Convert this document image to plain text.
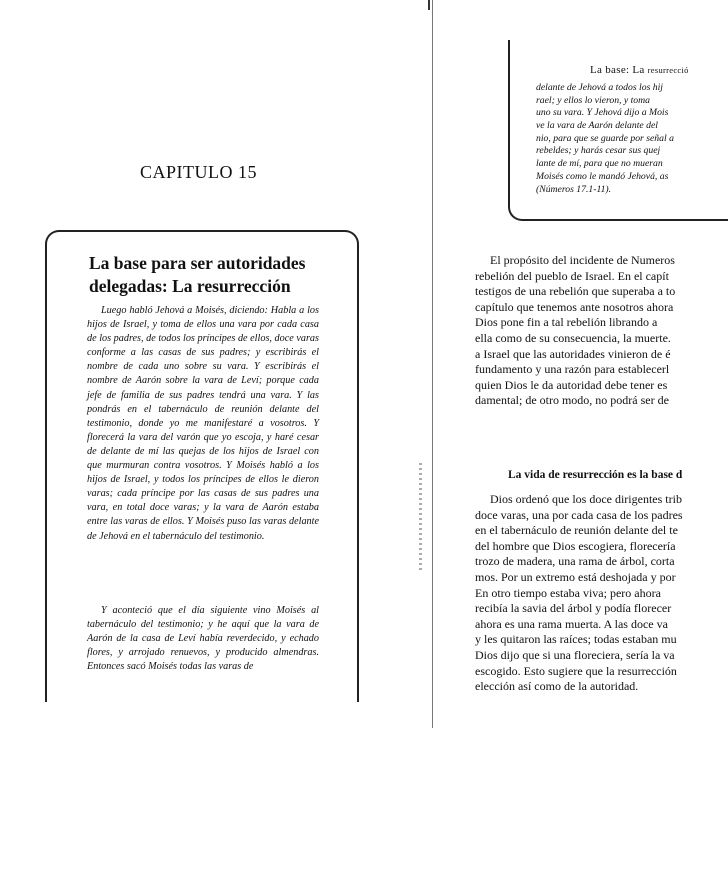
CAPITULO 15
La base para ser autoridades delegadas: La resurrección
Luego habló Jehová a Moisés, diciendo: Habla a los hijos de Israel, y toma de ellos una vara por cada casa de los padres, de todos los príncipes de ellos, doce varas conforme a las casas de sus padres; y escribirás el nombre de cada uno sobre su vara. Y escribirás el nombre de Aarón sobre la vara de Leví; porque cada jefe de familia de sus padres tendrá una vara. Y las pondrás en el tabernáculo de reunión delante del testimonio, donde yo me manifestaré a vosotros. Y florecerá la vara del varón que yo escoja, y haré cesar de delante de mí las quejas de los hijos de Israel con que murmuran contra vosotros. Y Moisés habló a los hijos de Israel, y todos los príncipes de ellos le dieron varas; cada príncipe por las casas de sus padres una vara, en total doce varas; y la vara de Aarón estaba entre las varas de ellos. Y Moisés puso las varas delante de Jehová en el tabernáculo del testimonio.
Y aconteció que el día siguiente vino Moisés al tabernáculo del testimonio; y he aquí que la vara de Aarón de la casa de Leví había reverdecido, y echado flores, y arrojado renuevos, y producido almendras. Entonces sacó Moisés todas las varas de
La base: La resurrecció
delante de Jehová a todos los hij
rael; y ellos lo vieron, y toma
uno su vara. Y Jehová dijo a Mois
ve la vara de Aarón delante del
nio, para que se guarde por señal a
rebeldes; y harás cesar sus quej
lante de mí, para que no mueran
Moisés como le mandó Jehová, as
(Números 17.1-11).
El propósito del incidente de Numeros
rebelión del pueblo de Israel. En el capít
testigos de una rebelión que superaba a to
capítulo que tenemos ante nosotros ahora
Dios pone fin a tal rebelión librando a
ella como de su consecuencia, la muerte.
a Israel que las autoridades vinieron de é
fundamento y una razón para establecerl
quien Dios le da autoridad debe tener es
damental; de otro modo, no podrá ser de
La vida de resurrección es la base d
Dios ordenó que los doce dirigentes trib
doce varas, una por cada casa de los padres
en el tabernáculo de reunión delante del te
del hombre que Dios escogiera, florecería
trozo de madera, una rama de árbol, corta
mos. Por un extremo está deshojada y por
En otro tiempo estaba viva; pero ahora
recibía la savia del árbol y podía florecer
ahora es una rama muerta. A las doce va
y les quitaron las raíces; todas estaban mu
Dios dijo que si una floreciera, sería la va
escogido. Esto sugiere que la resurrección
elección así como de la autoridad.
